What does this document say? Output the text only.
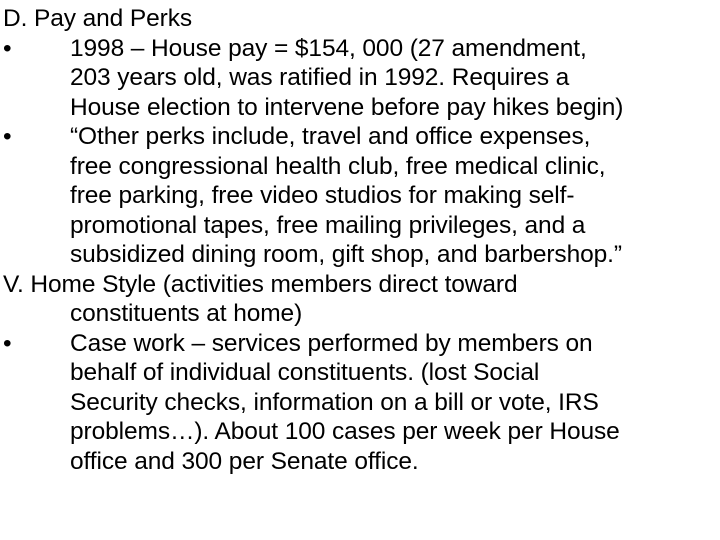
D. Pay and Perks
• 1998 – House pay = $154, 000 (27 amendment,
203 years old, was ratified in 1992. Requires a
House election to intervene before pay hikes begin)
• “Other perks include, travel and office expenses,
free congressional health club, free medical clinic,
free parking, free video studios for making self-
promotional tapes, free mailing privileges, and a
subsidized dining room, gift shop, and barbershop.”
V. Home Style (activities members direct toward
constituents at home)
• Case work – services performed by members on
behalf of individual constituents. (lost Social
Security checks, information on a bill or vote, IRS
problems…). About 100 cases per week per House
office and 300 per Senate office.
